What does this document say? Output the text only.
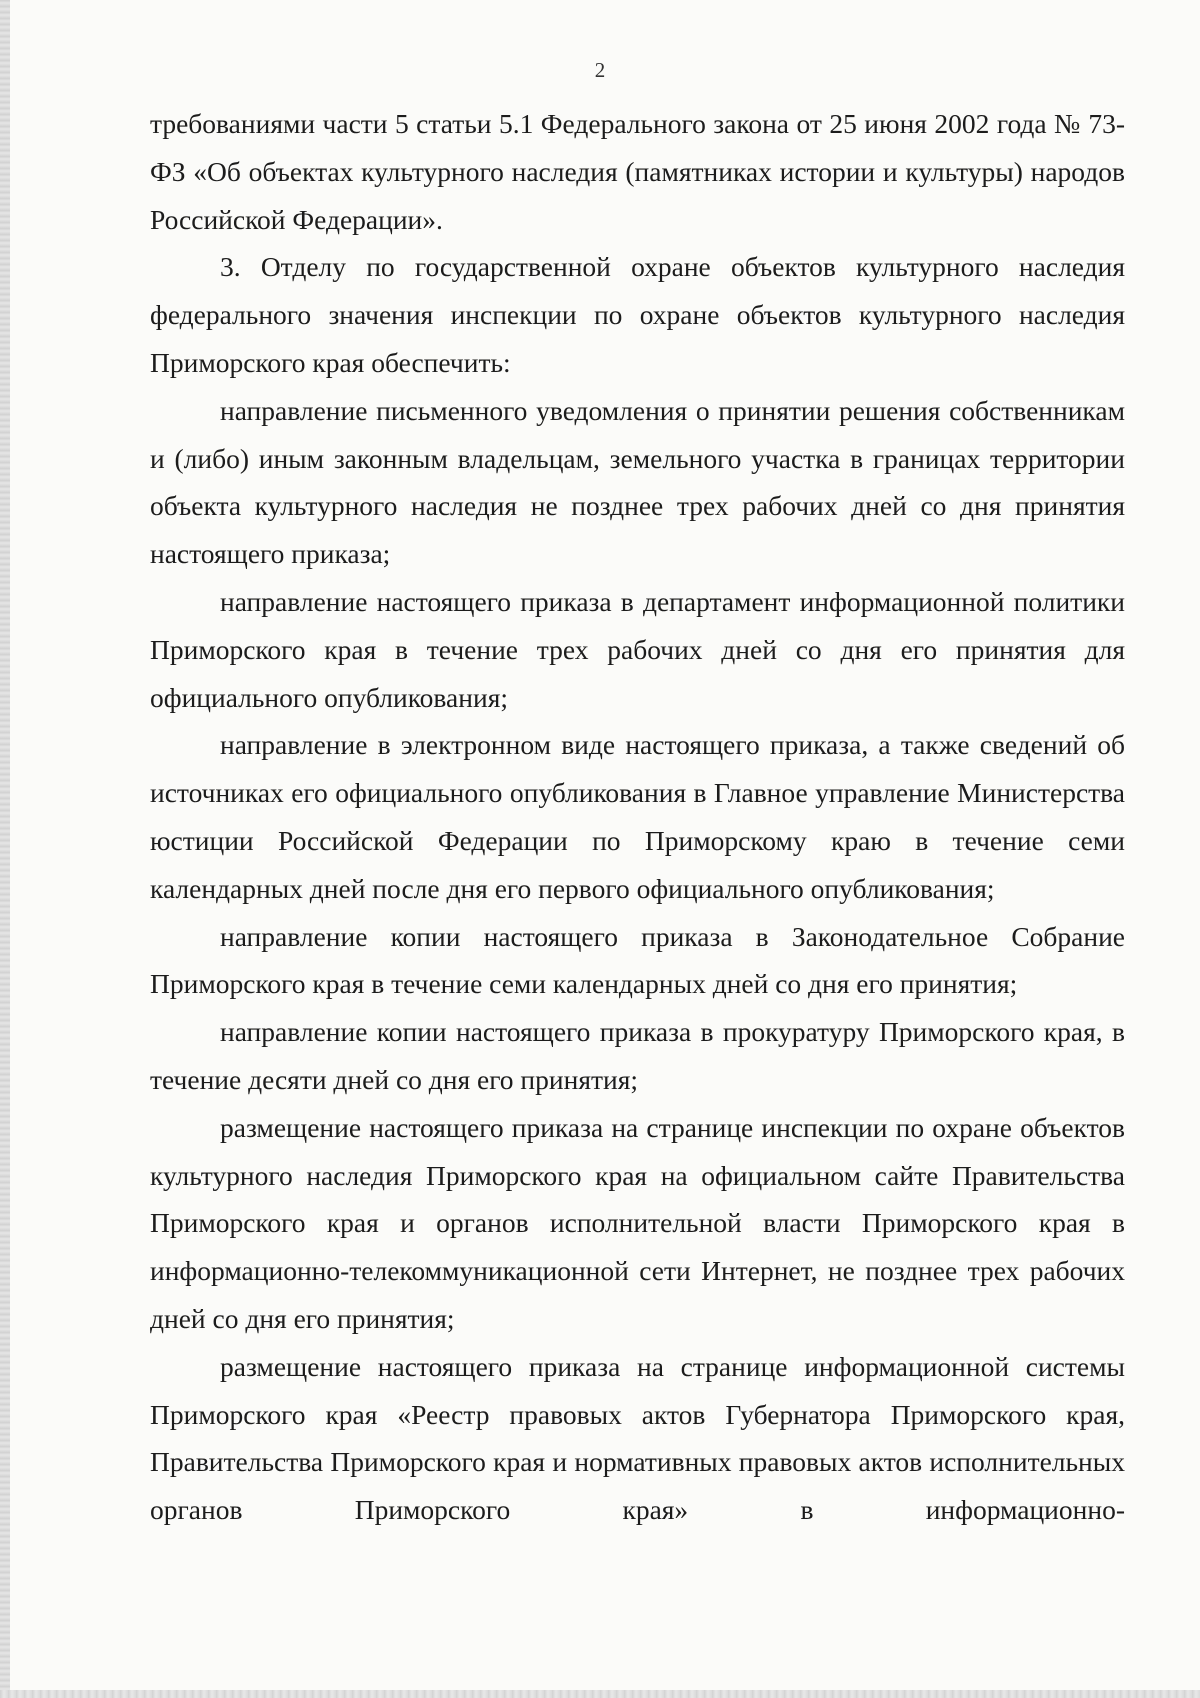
2

требованиями части 5 статьи 5.1 Федерального закона от 25 июня 2002 года № 73-ФЗ «Об объектах культурного наследия (памятниках истории и культуры) народов Российской Федерации».

3. Отделу по государственной охране объектов культурного наследия федерального значения инспекции по охране объектов культурного наследия Приморского края обеспечить:

направление письменного уведомления о принятии решения собственникам и (либо) иным законным владельцам, земельного участка в границах территории объекта культурного наследия не позднее трех рабочих дней со дня принятия настоящего приказа;

направление настоящего приказа в департамент информационной политики Приморского края в течение трех рабочих дней со дня его принятия для официального опубликования;

направление в электронном виде настоящего приказа, а также сведений об источниках его официального опубликования в Главное управление Министерства юстиции Российской Федерации по Приморскому краю в течение семи календарных дней после дня его первого официального опубликования;

направление копии настоящего приказа в Законодательное Собрание Приморского края в течение семи календарных дней со дня его принятия;

направление копии настоящего приказа в прокуратуру Приморского края, в течение десяти дней со дня его принятия;

размещение настоящего приказа на странице инспекции по охране объектов культурного наследия Приморского края на официальном сайте Правительства Приморского края и органов исполнительной власти Приморского края в информационно-телекоммуникационной сети Интернет, не позднее трех рабочих дней со дня его принятия;

размещение настоящего приказа на странице информационной системы Приморского края «Реестр правовых актов Губернатора Приморского края, Правительства Приморского края и нормативных правовых актов исполнительных органов Приморского края» в информационно-
